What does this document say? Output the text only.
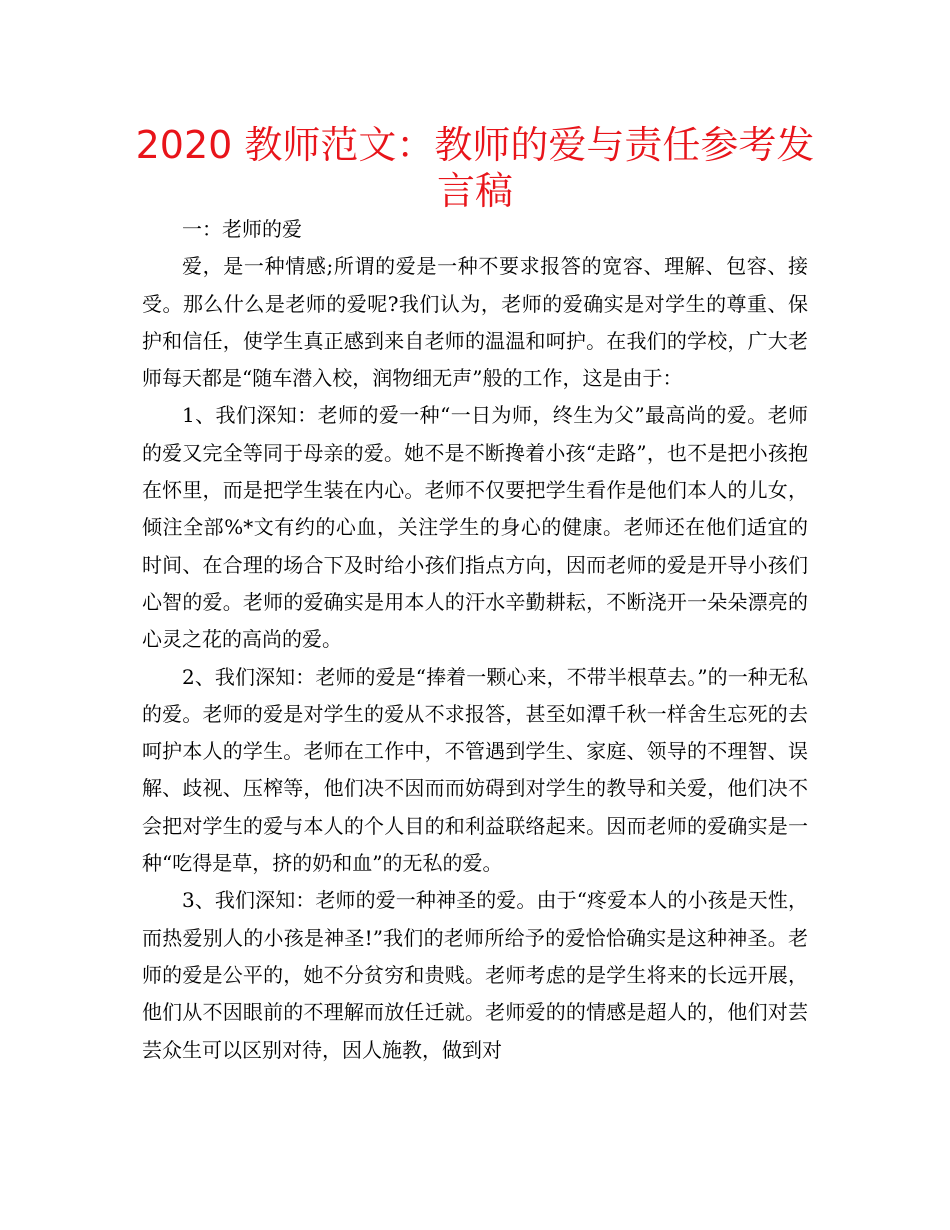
2020 教师范文：教师的爱与责任参考发言稿

一：老师的爱

爱，是一种情感;所谓的爱是一种不要求报答的宽容、理解、包容、接受。那么什么是老师的爱呢?我们认为，老师的爱确实是对学生的尊重、保护和信任，使学生真正感到来自老师的温温和呵护。在我们的学校，广大老师每天都是“随车潜入校，润物细无声”般的工作，这是由于：

1、我们深知：老师的爱一种“一日为师，终生为父”最高尚的爱。老师的爱又完全等同于母亲的爱。她不是不断搀着小孩“走路”，也不是把小孩抱在怀里，而是把学生装在内心。老师不仅要把学生看作是他们本人的儿女，倾注全部%*文有约的心血，关注学生的身心的健康。老师还在他们适宜的时间、在合理的场合下及时给小孩们指点方向，因而老师的爱是开导小孩们心智的爱。老师的爱确实是用本人的汗水辛勤耕耘，不断浇开一朵朵漂亮的心灵之花的高尚的爱。

2、我们深知：老师的爱是“捧着一颗心来，不带半根草去。”的一种无私的爱。老师的爱是对学生的爱从不求报答，甚至如潭千秋一样舍生忘死的去呵护本人的学生。老师在工作中，不管遇到学生、家庭、领导的不理智、误解、歧视、压榨等，他们决不因而而妨碍到对学生的教导和关爱，他们决不会把对学生的爱与本人的个人目的和利益联络起来。因而老师的爱确实是一种“吃得是草，挤的奶和血”的无私的爱。

3、我们深知：老师的爱一种神圣的爱。由于“疼爱本人的小孩是天性，而热爱别人的小孩是神圣!”我们的老师所给予的爱恰恰确实是这种神圣。老师的爱是公平的，她不分贫穷和贵贱。老师考虑的是学生将来的长远开展，他们从不因眼前的不理解而放任迁就。老师爱的的情感是超人的，他们对芸芸众生可以区别对待，因人施教，做到对
